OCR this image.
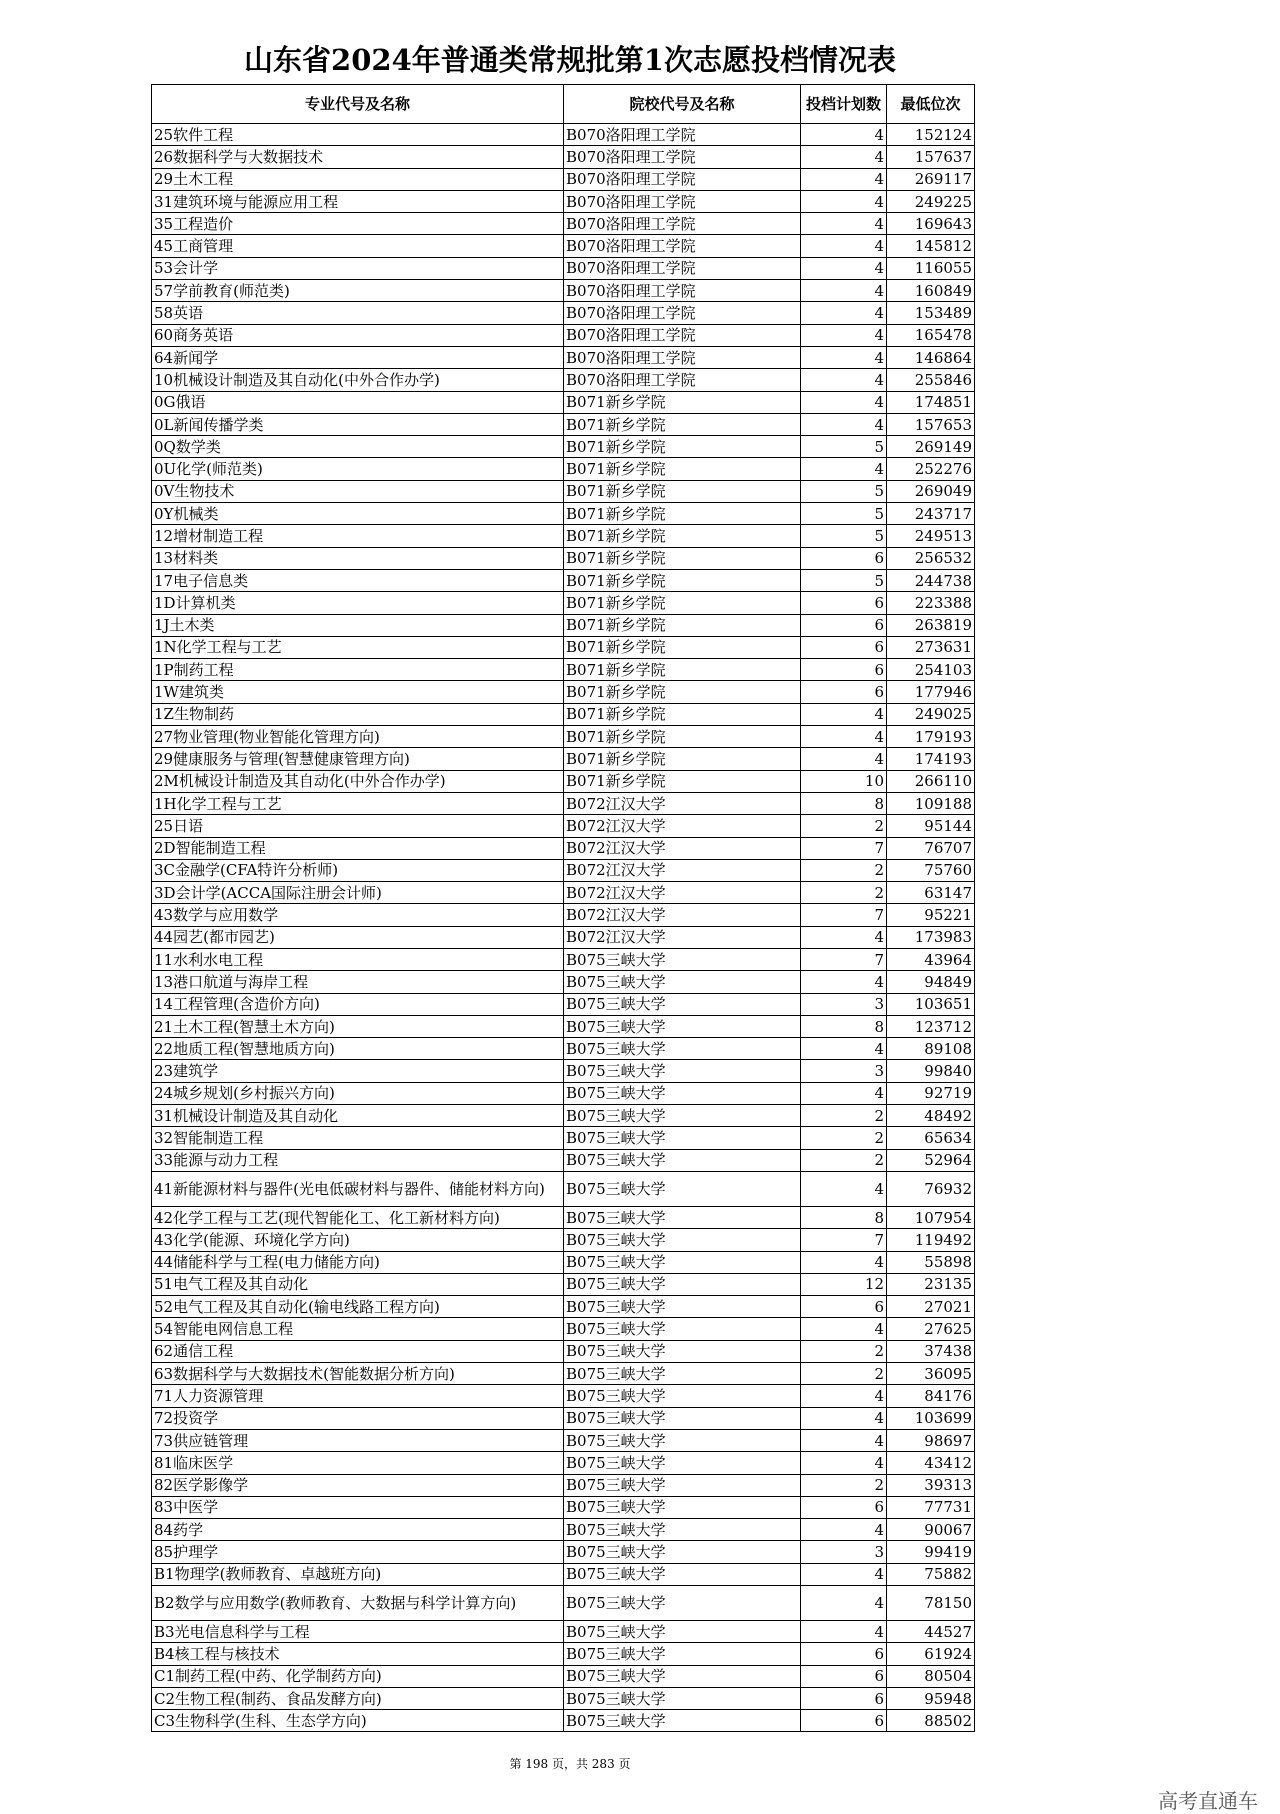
山东省2024年普通类常规批第1次志愿投档情况表
专业代号及名称	院校代号及名称	投档计划数	最低位次
25软件工程	B070洛阳理工学院	4	152124
26数据科学与大数据技术	B070洛阳理工学院	4	157637
29土木工程	B070洛阳理工学院	4	269117
31建筑环境与能源应用工程	B070洛阳理工学院	4	249225
35工程造价	B070洛阳理工学院	4	169643
45工商管理	B070洛阳理工学院	4	145812
53会计学	B070洛阳理工学院	4	116055
57学前教育(师范类)	B070洛阳理工学院	4	160849
58英语	B070洛阳理工学院	4	153489
60商务英语	B070洛阳理工学院	4	165478
64新闻学	B070洛阳理工学院	4	146864
10机械设计制造及其自动化(中外合作办学)	B070洛阳理工学院	4	255846
0G俄语	B071新乡学院	4	174851
0L新闻传播学类	B071新乡学院	4	157653
0Q数学类	B071新乡学院	5	269149
0U化学(师范类)	B071新乡学院	4	252276
0V生物技术	B071新乡学院	5	269049
0Y机械类	B071新乡学院	5	243717
12增材制造工程	B071新乡学院	5	249513
13材料类	B071新乡学院	6	256532
17电子信息类	B071新乡学院	5	244738
1D计算机类	B071新乡学院	6	223388
1J土木类	B071新乡学院	6	263819
1N化学工程与工艺	B071新乡学院	6	273631
1P制药工程	B071新乡学院	6	254103
1W建筑类	B071新乡学院	6	177946
1Z生物制药	B071新乡学院	4	249025
27物业管理(物业智能化管理方向)	B071新乡学院	4	179193
29健康服务与管理(智慧健康管理方向)	B071新乡学院	4	174193
2M机械设计制造及其自动化(中外合作办学)	B071新乡学院	10	266110
1H化学工程与工艺	B072江汉大学	8	109188
25日语	B072江汉大学	2	95144
2D智能制造工程	B072江汉大学	7	76707
3C金融学(CFA特许分析师)	B072江汉大学	2	75760
3D会计学(ACCA国际注册会计师)	B072江汉大学	2	63147
43数学与应用数学	B072江汉大学	7	95221
44园艺(都市园艺)	B072江汉大学	4	173983
11水利水电工程	B075三峡大学	7	43964
13港口航道与海岸工程	B075三峡大学	4	94849
14工程管理(含造价方向)	B075三峡大学	3	103651
21土木工程(智慧土木方向)	B075三峡大学	8	123712
22地质工程(智慧地质方向)	B075三峡大学	4	89108
23建筑学	B075三峡大学	3	99840
24城乡规划(乡村振兴方向)	B075三峡大学	4	92719
31机械设计制造及其自动化	B075三峡大学	2	48492
32智能制造工程	B075三峡大学	2	65634
33能源与动力工程	B075三峡大学	2	52964
41新能源材料与器件(光电低碳材料与器件、储能材料方向)	B075三峡大学	4	76932
42化学工程与工艺(现代智能化工、化工新材料方向)	B075三峡大学	8	107954
43化学(能源、环境化学方向)	B075三峡大学	7	119492
44储能科学与工程(电力储能方向)	B075三峡大学	4	55898
51电气工程及其自动化	B075三峡大学	12	23135
52电气工程及其自动化(输电线路工程方向)	B075三峡大学	6	27021
54智能电网信息工程	B075三峡大学	4	27625
62通信工程	B075三峡大学	2	37438
63数据科学与大数据技术(智能数据分析方向)	B075三峡大学	2	36095
71人力资源管理	B075三峡大学	4	84176
72投资学	B075三峡大学	4	103699
73供应链管理	B075三峡大学	4	98697
81临床医学	B075三峡大学	4	43412
82医学影像学	B075三峡大学	2	39313
83中医学	B075三峡大学	6	77731
84药学	B075三峡大学	4	90067
85护理学	B075三峡大学	3	99419
B1物理学(教师教育、卓越班方向)	B075三峡大学	4	75882
B2数学与应用数学(教师教育、大数据与科学计算方向)	B075三峡大学	4	78150
B3光电信息科学与工程	B075三峡大学	4	44527
B4核工程与核技术	B075三峡大学	6	61924
C1制药工程(中药、化学制药方向)	B075三峡大学	6	80504
C2生物工程(制药、食品发酵方向)	B075三峡大学	6	95948
C3生物科学(生科、生态学方向)	B075三峡大学	6	88502
第 198 页，共 283 页
高考直通车
